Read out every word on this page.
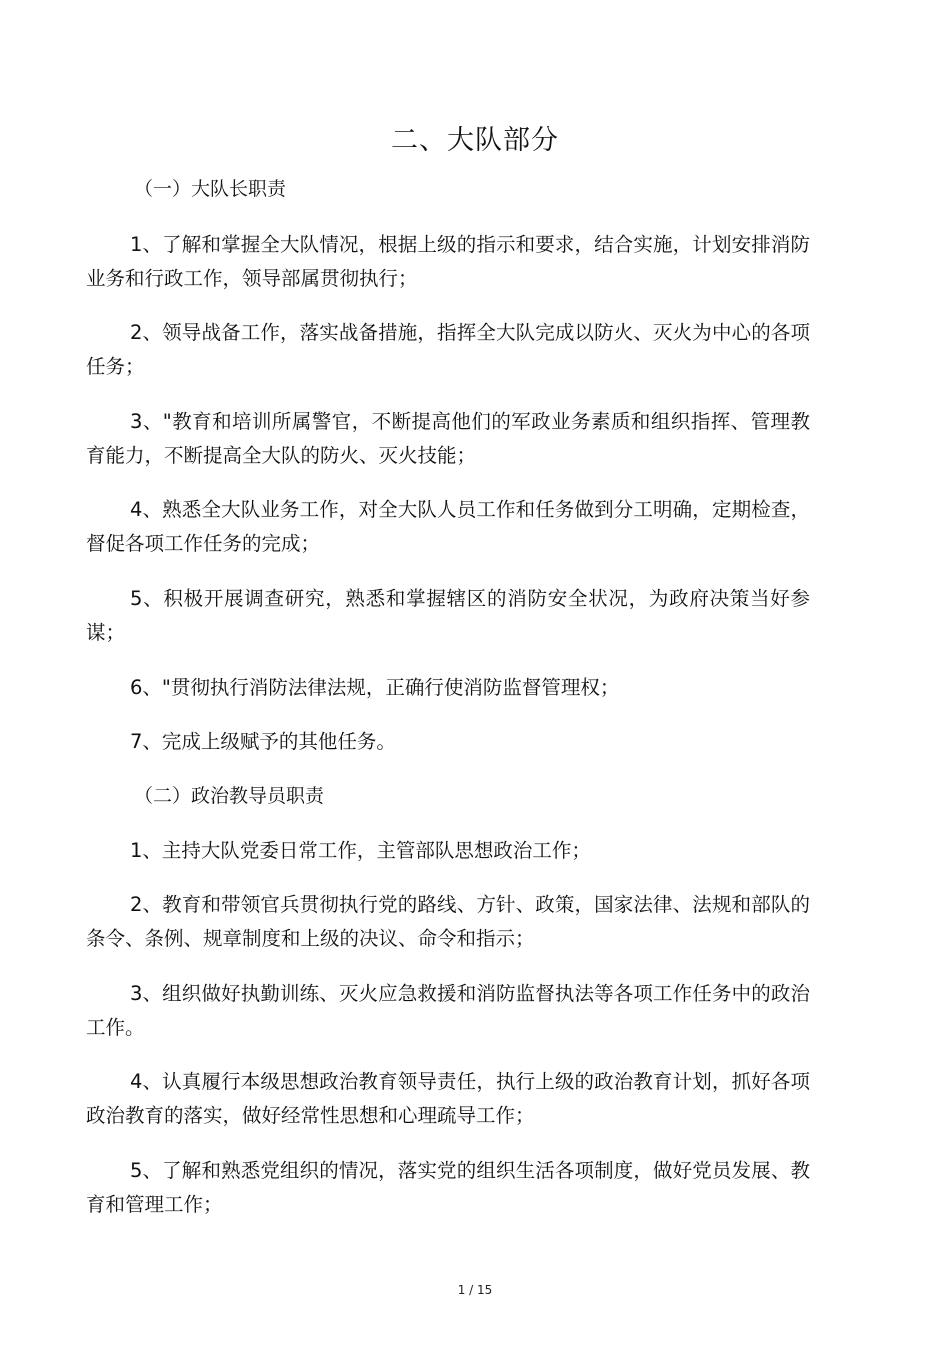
二、大队部分
（一）大队长职责
1、了解和掌握全大队情况，根据上级的指示和要求，结合实施，计划安排消防业务和行政工作，领导部属贯彻执行；
2、领导战备工作，落实战备措施，指挥全大队完成以防火、灭火为中心的各项任务；
3、"教育和培训所属警官，不断提高他们的军政业务素质和组织指挥、管理教育能力，不断提高全大队的防火、灭火技能；
4、熟悉全大队业务工作，对全大队人员工作和任务做到分工明确，定期检查，督促各项工作任务的完成；
5、积极开展调查研究，熟悉和掌握辖区的消防安全状况，为政府决策当好参谋；
6、"贯彻执行消防法律法规，正确行使消防监督管理权；
7、完成上级赋予的其他任务。
（二）政治教导员职责
1、主持大队党委日常工作，主管部队思想政治工作；
2、教育和带领官兵贯彻执行党的路线、方针、政策，国家法律、法规和部队的条令、条例、规章制度和上级的决议、命令和指示；
3、组织做好执勤训练、灭火应急救援和消防监督执法等各项工作任务中的政治工作。
4、认真履行本级思想政治教育领导责任，执行上级的政治教育计划，抓好各项政治教育的落实，做好经常性思想和心理疏导工作；
5、了解和熟悉党组织的情况，落实党的组织生活各项制度，做好党员发展、教育和管理工作；
1 / 15
